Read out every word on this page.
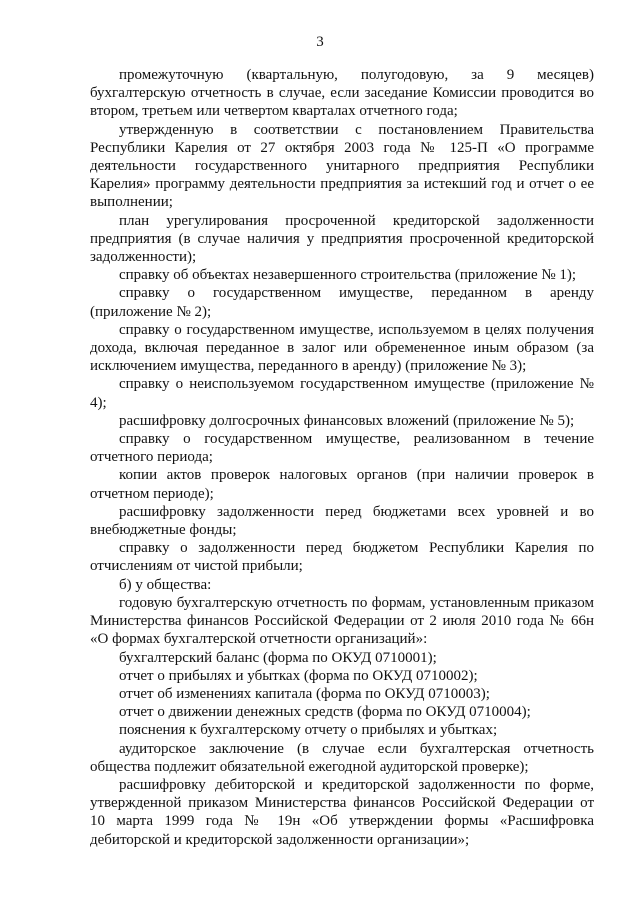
3

промежуточную (квартальную, полугодовую, за 9 месяцев) бухгалтерскую отчетность в случае, если заседание Комиссии проводится во втором, третьем или четвертом кварталах отчетного года;

утвержденную в соответствии с постановлением Правительства Республики Карелия от 27 октября 2003 года № 125-П «О программе деятельности государственного унитарного предприятия Республики Карелия» программу деятельности предприятия за истекший год и отчет о ее выполнении;

план урегулирования просроченной кредиторской задолженности предприятия (в случае наличия у предприятия просроченной кредиторской задолженности);

справку об объектах незавершенного строительства (приложение № 1);

справку о государственном имуществе, переданном в аренду (приложение № 2);

справку о государственном имуществе, используемом в целях получения дохода, включая переданное в залог или обремененное иным образом (за исключением имущества, переданного в аренду) (приложение № 3);

справку о неиспользуемом государственном имуществе (приложение № 4);

расшифровку долгосрочных финансовых вложений (приложение № 5);

справку о государственном имуществе, реализованном в течение отчетного периода;

копии актов проверок налоговых органов (при наличии проверок в отчетном периоде);

расшифровку задолженности перед бюджетами всех уровней и во внебюджетные фонды;

справку о задолженности перед бюджетом Республики Карелия по отчислениям от чистой прибыли;

б) у общества:

годовую бухгалтерскую отчетность по формам, установленным приказом Министерства финансов Российской Федерации от 2 июля 2010 года № 66н «О формах бухгалтерской отчетности организаций»:

бухгалтерский баланс (форма по ОКУД 0710001);

отчет о прибылях и убытках (форма по ОКУД 0710002);

отчет об изменениях капитала (форма по ОКУД 0710003);

отчет о движении денежных средств (форма по ОКУД 0710004);

пояснения к бухгалтерскому отчету о прибылях и убытках;

аудиторское заключение (в случае если бухгалтерская отчетность общества подлежит обязательной ежегодной аудиторской проверке);

расшифровку дебиторской и кредиторской задолженности по форме, утвержденной приказом Министерства финансов Российской Федерации от 10 марта 1999 года № 19н «Об утверждении формы «Расшифровка дебиторской и кредиторской задолженности организации»;
